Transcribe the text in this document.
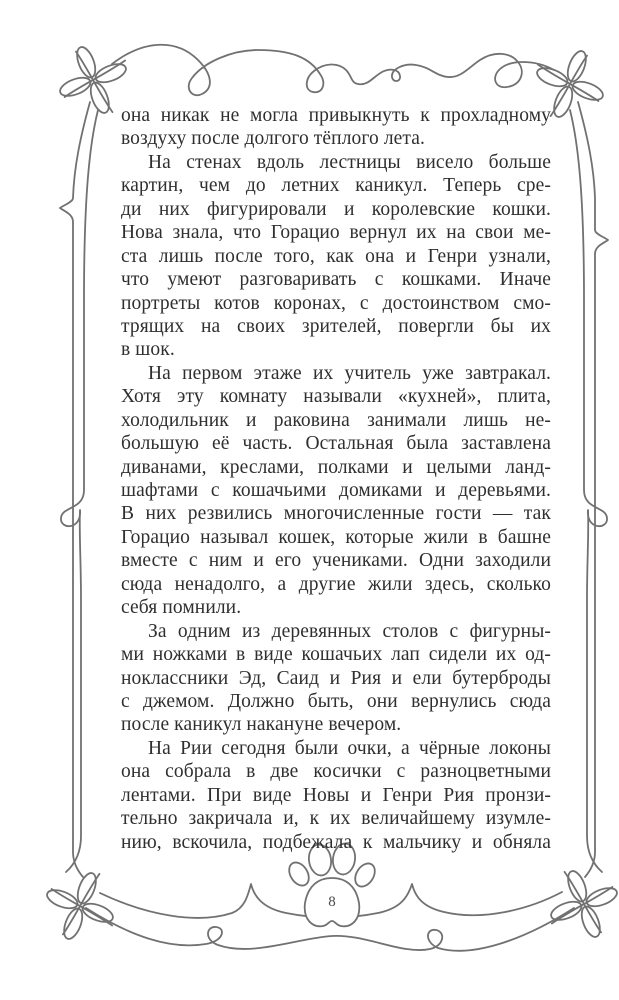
она никак не могла привыкнуть к прохладному
воздуху после долгого тёплого лета.
На стенах вдоль лестницы висело больше
картин, чем до летних каникул. Теперь сре-
ди них фигурировали и королевские кошки.
Нова знала, что Горацио вернул их на свои ме-
ста лишь после того, как она и Генри узнали,
что умеют разговаривать с кошками. Иначе
портреты котов коронах, с достоинством смо-
трящих на своих зрителей, повергли бы их
в шок.
На первом этаже их учитель уже завтракал.
Хотя эту комнату называли «кухней», плита,
холодильник и раковина занимали лишь не-
большую её часть. Остальная была заставлена
диванами, креслами, полками и целыми ланд-
шафтами с кошачьими домиками и деревьями.
В них резвились многочисленные гости — так
Горацио называл кошек, которые жили в башне
вместе с ним и его учениками. Одни заходили
сюда ненадолго, а другие жили здесь, сколько
себя помнили.
За одним из деревянных столов с фигурны-
ми ножками в виде кошачьих лап сидели их од-
ноклассники Эд, Саид и Рия и ели бутерброды
с джемом. Должно быть, они вернулись сюда
после каникул накануне вечером.
На Рии сегодня были очки, а чёрные локоны
она собрала в две косички с разноцветными
лентами. При виде Новы и Генри Рия пронзи-
тельно закричала и, к их величайшему изумле-
нию, вскочила, подбежала к мальчику и обняла
8
